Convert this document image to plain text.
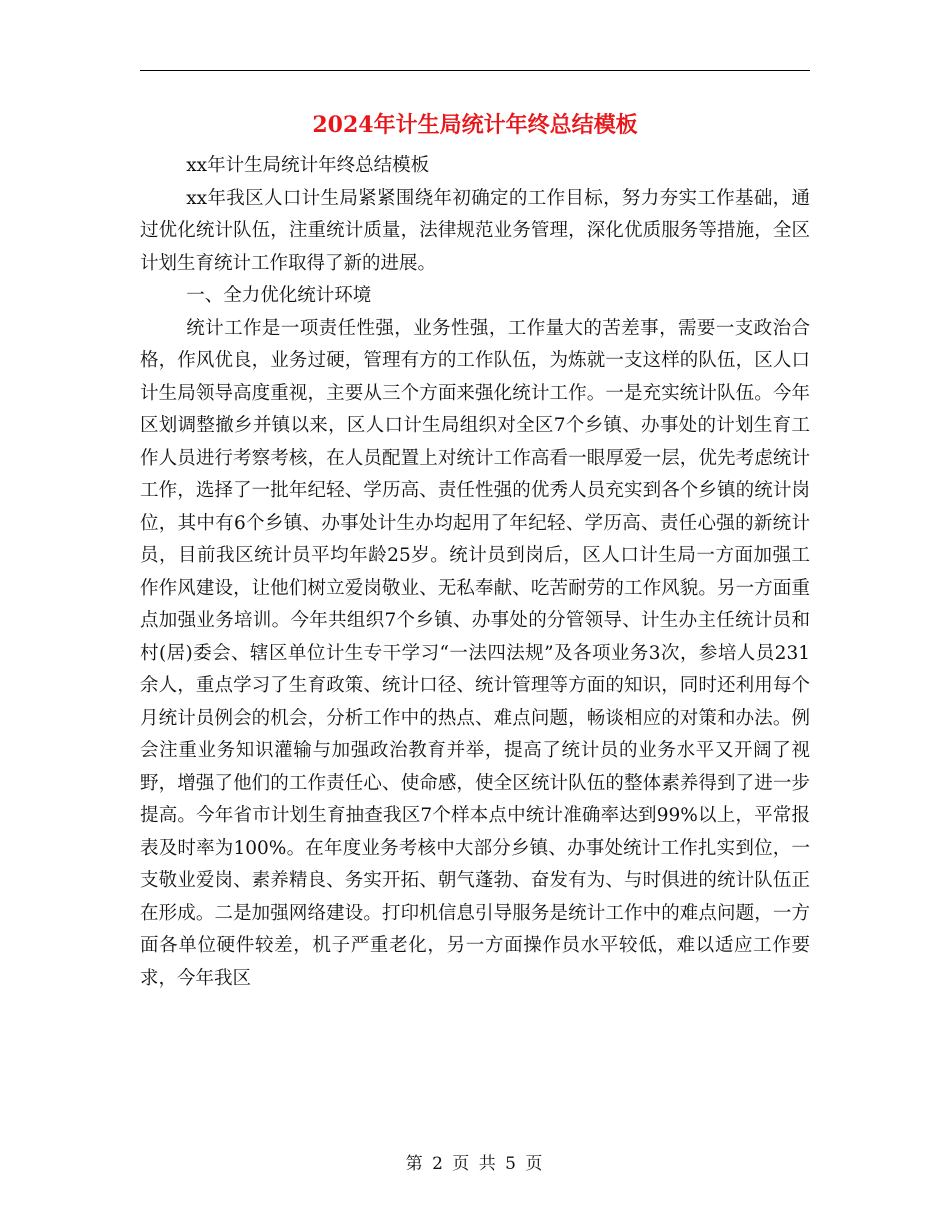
2024年计生局统计年终总结模板

xx年计生局统计年终总结模板

xx年我区人口计生局紧紧围绕年初确定的工作目标，努力夯实工作基础，通过优化统计队伍，注重统计质量，法律规范业务管理，深化优质服务等措施，全区计划生育统计工作取得了新的进展。

一、全力优化统计环境

统计工作是一项责任性强，业务性强，工作量大的苦差事，需要一支政治合格，作风优良，业务过硬，管理有方的工作队伍，为炼就一支这样的队伍，区人口计生局领导高度重视，主要从三个方面来强化统计工作。一是充实统计队伍。今年区划调整撤乡并镇以来，区人口计生局组织对全区7个乡镇、办事处的计划生育工作人员进行考察考核，在人员配置上对统计工作高看一眼厚爱一层，优先考虑统计工作，选择了一批年纪轻、学历高、责任性强的优秀人员充实到各个乡镇的统计岗位，其中有6个乡镇、办事处计生办均起用了年纪轻、学历高、责任心强的新统计员，目前我区统计员平均年龄25岁。统计员到岗后，区人口计生局一方面加强工作作风建设，让他们树立爱岗敬业、无私奉献、吃苦耐劳的工作风貌。另一方面重点加强业务培训。今年共组织7个乡镇、办事处的分管领导、计生办主任统计员和村(居)委会、辖区单位计生专干学习“一法四法规”及各项业务3次，参培人员231余人，重点学习了生育政策、统计口径、统计管理等方面的知识，同时还利用每个月统计员例会的机会，分析工作中的热点、难点问题，畅谈相应的对策和办法。例会注重业务知识灌输与加强政治教育并举，提高了统计员的业务水平又开阔了视野，增强了他们的工作责任心、使命感，使全区统计队伍的整体素养得到了进一步提高。今年省市计划生育抽查我区7个样本点中统计准确率达到99%以上，平常报表及时率为100%。在年度业务考核中大部分乡镇、办事处统计工作扎实到位，一支敬业爱岗、素养精良、务实开拓、朝气蓬勃、奋发有为、与时俱进的统计队伍正在形成。二是加强网络建设。打印机信息引导服务是统计工作中的难点问题，一方面各单位硬件较差，机子严重老化，另一方面操作员水平较低，难以适应工作要求，今年我区

第 2 页 共 5 页
